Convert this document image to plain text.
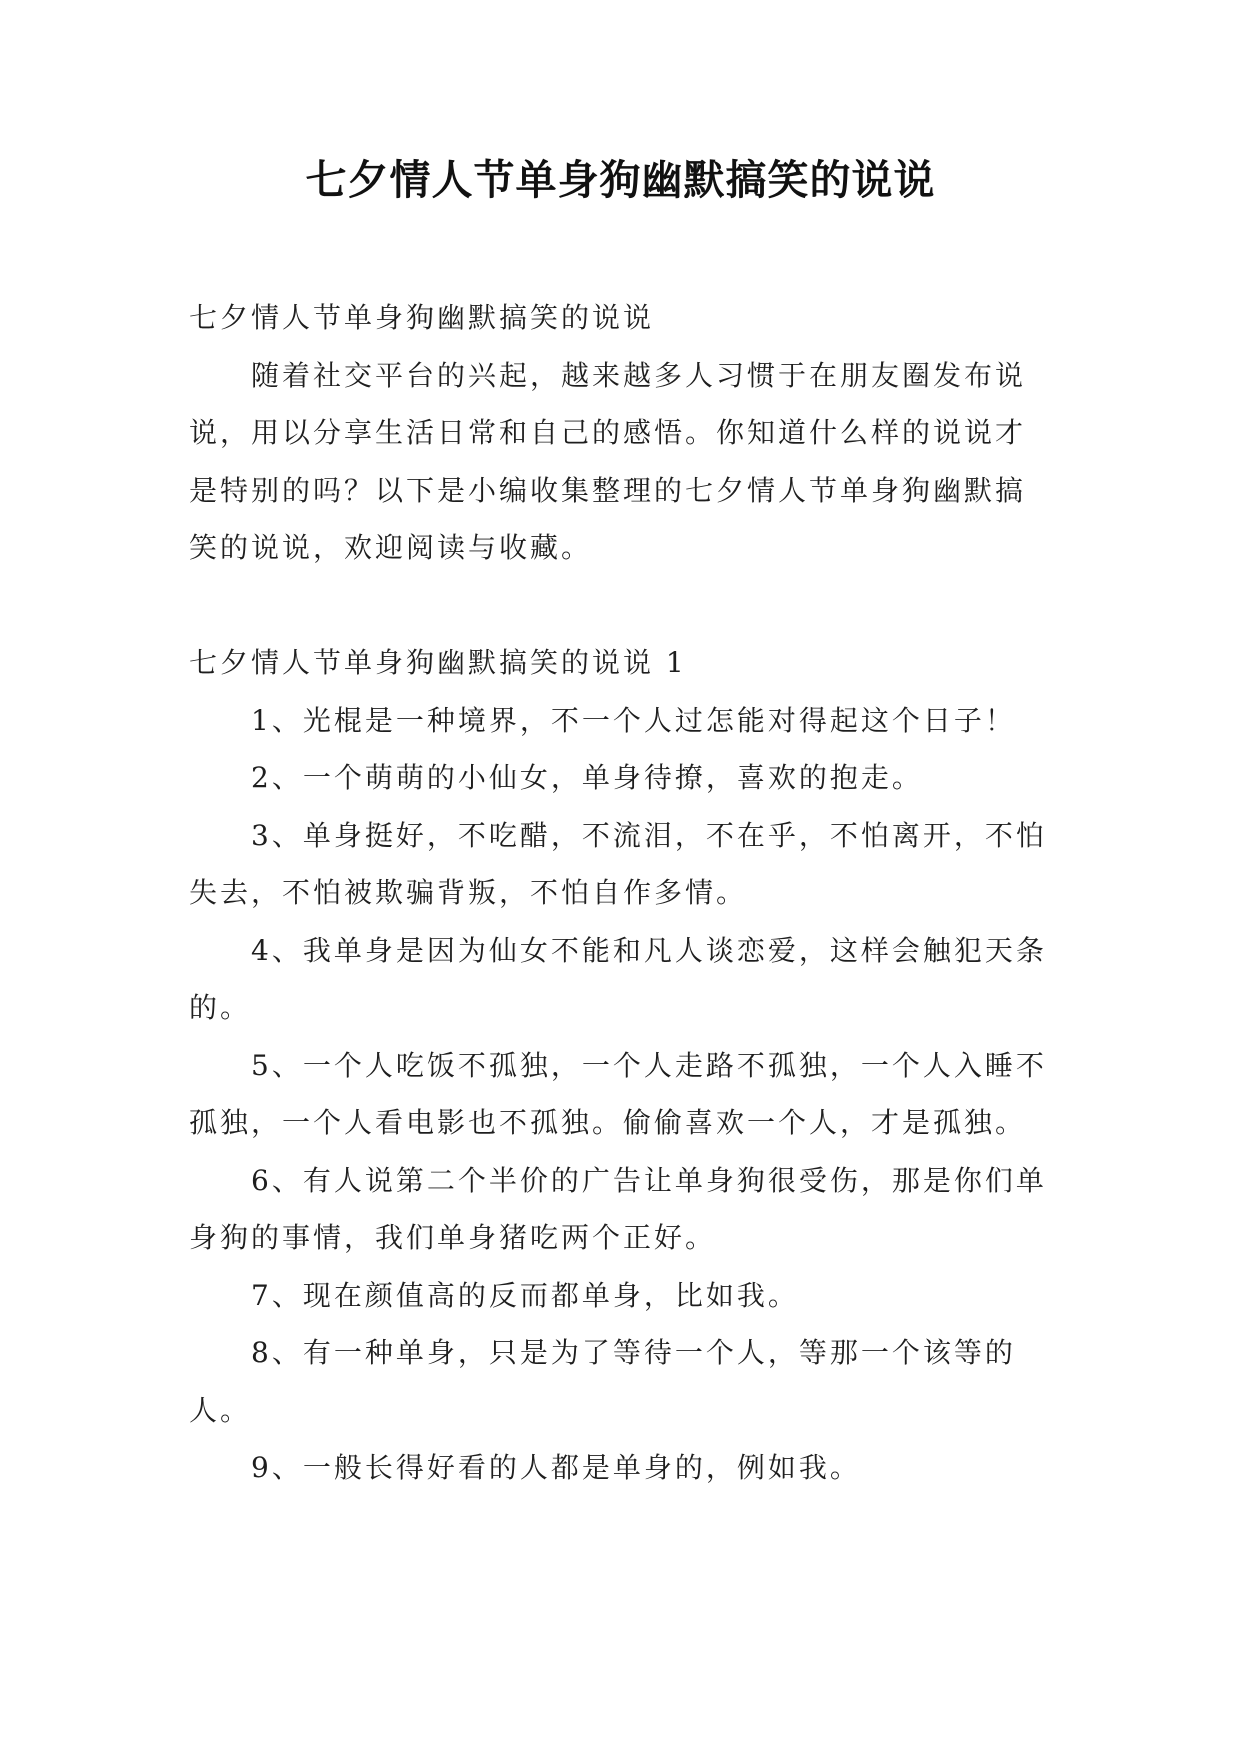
七夕情人节单身狗幽默搞笑的说说

七夕情人节单身狗幽默搞笑的说说

随着社交平台的兴起，越来越多人习惯于在朋友圈发布说说，用以分享生活日常和自己的感悟。你知道什么样的说说才是特别的吗？以下是小编收集整理的七夕情人节单身狗幽默搞笑的说说，欢迎阅读与收藏。

七夕情人节单身狗幽默搞笑的说说 1

1、光棍是一种境界，不一个人过怎能对得起这个日子！

2、一个萌萌的小仙女，单身待撩，喜欢的抱走。

3、单身挺好，不吃醋，不流泪，不在乎，不怕离开，不怕失去，不怕被欺骗背叛，不怕自作多情。

4、我单身是因为仙女不能和凡人谈恋爱，这样会触犯天条的。

5、一个人吃饭不孤独，一个人走路不孤独，一个人入睡不孤独，一个人看电影也不孤独。偷偷喜欢一个人，才是孤独。

6、有人说第二个半价的广告让单身狗很受伤，那是你们单身狗的事情，我们单身猪吃两个正好。

7、现在颜值高的反而都单身，比如我。

8、有一种单身，只是为了等待一个人，等那一个该等的人。

9、一般长得好看的人都是单身的，例如我。
